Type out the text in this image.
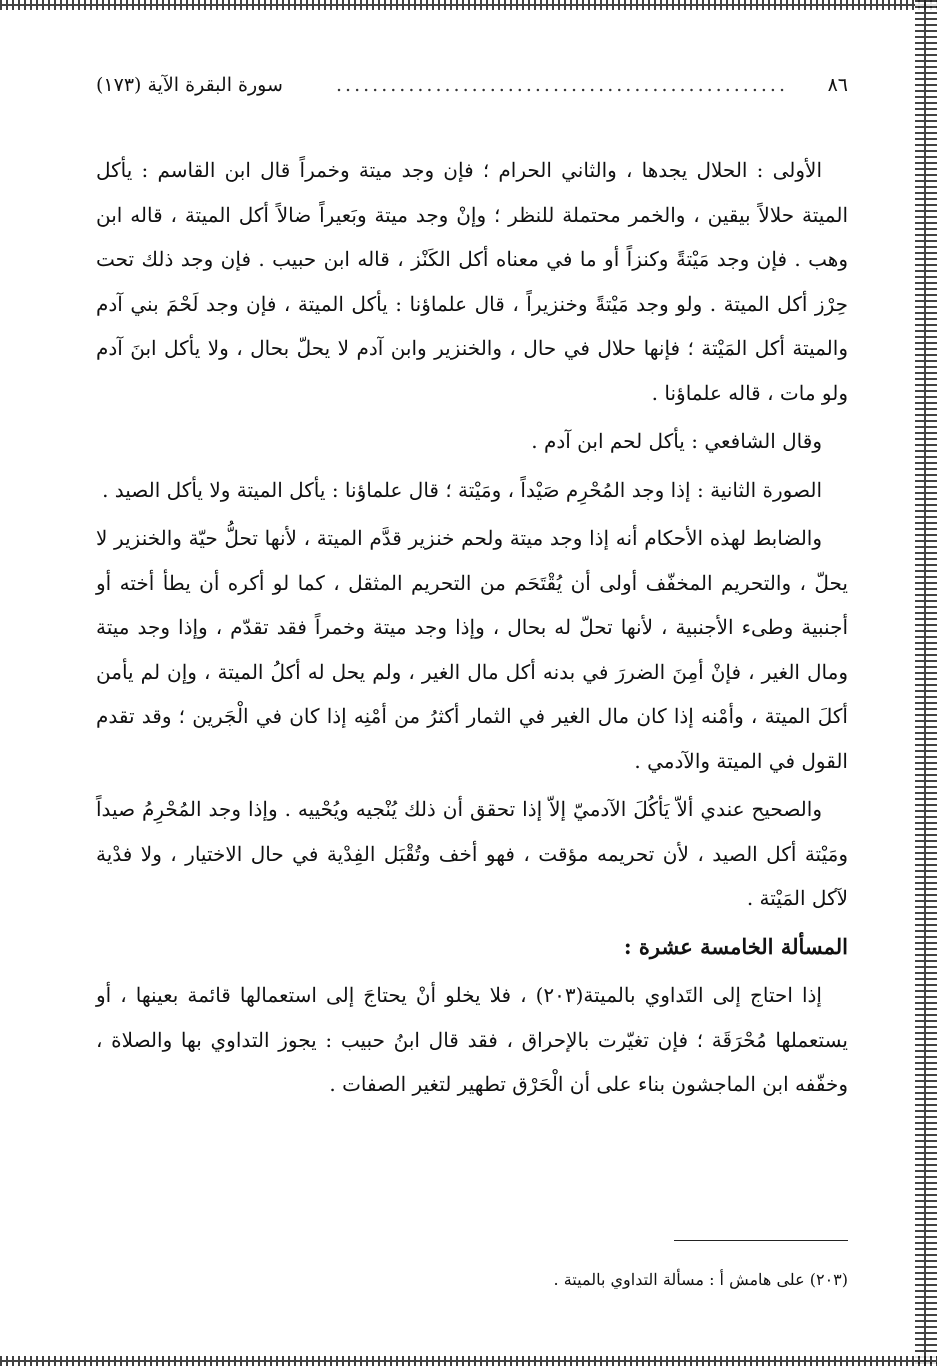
٨٦
..................................................
سورة البقرة الآية (١٧٣)

الأولى : الحلال يجدها ، والثاني الحرام ؛ فإن وجد ميتة وخمراً قال ابن القاسم : يأكل الميتة حلالاً بيقين ، والخمر محتملة للنظر ؛ وإنْ وجد ميتة وبَعيراً ضالاً أكل الميتة ، قاله ابن وهب . فإن وجد مَيْتةً وكنزاً أو ما في معناه أكل الكَنْز ، قاله ابن حبيب . فإن وجد ذلك تحت حِرْز أكل الميتة . ولو وجد مَيْتةً وخنزيراً ، قال علماؤنا : يأكل الميتة ، فإن وجد لَحْمَ بني آدم والميتة أكل المَيْتة ؛ فإنها حلال في حال ، والخنزير وابن آدم لا يحلّ بحال ، ولا يأكل ابنَ آدم ولو مات ، قاله علماؤنا .

وقال الشافعي : يأكل لحم ابن آدم .

الصورة الثانية : إذا وجد المُحْرِم صَيْداً ، ومَيْتة ؛ قال علماؤنا : يأكل الميتة ولا يأكل الصيد .

والضابط لهذه الأحكام أنه إذا وجد ميتة ولحم خنزير قدَّم الميتة ، لأنها تحلُّ حيّة والخنزير لا يحلّ ، والتحريم المخفّف أولى أن يُقْتَحَم من التحريم المثقل ، كما لو أكره أن يطأ أخته أو أجنبية وطىء الأجنبية ، لأنها تحلّ له بحال ، وإذا وجد ميتة وخمراً فقد تقدّم ، وإذا وجد ميتة ومال الغير ، فإنْ أمِنَ الضررَ في بدنه أكل مال الغير ، ولم يحل له أكلُ الميتة ، وإن لم يأمن أكلَ الميتة ، وأمْنه إذا كان مال الغير في الثمار أكثرُ من أمْنِه إذا كان في الْجَرين ؛ وقد تقدم القول في الميتة والآدمي .

والصحيح عندي ألاّ يَأكُلَ الآدميّ إلاّ إذا تحقق أن ذلك يُنْجيه ويُحْييه . وإذا وجد المُحْرِمُ صيداً ومَيْتة أكل الصيد ، لأن تحريمه مؤقت ، فهو أخف وتُقْبَل الفِدْية في حال الاختيار ، ولا فدْية لآكل المَيْتة .

المسألة الخامسة عشرة :

إذا احتاج إلى التَداوي بالميتة(٢٠٣) ، فلا يخلو أنْ يحتاجَ إلى استعمالها قائمة بعينها ، أو يستعملها مُحْرَقَة ؛ فإن تغيّرت بالإحراق ، فقد قال ابنُ حبيب : يجوز التداوي بها والصلاة ، وخفّفه ابن الماجشون بناء على أن الْحَرْق تطهير لتغير الصفات .

(٢٠٣) على هامش أ : مسألة التداوي بالميتة .
